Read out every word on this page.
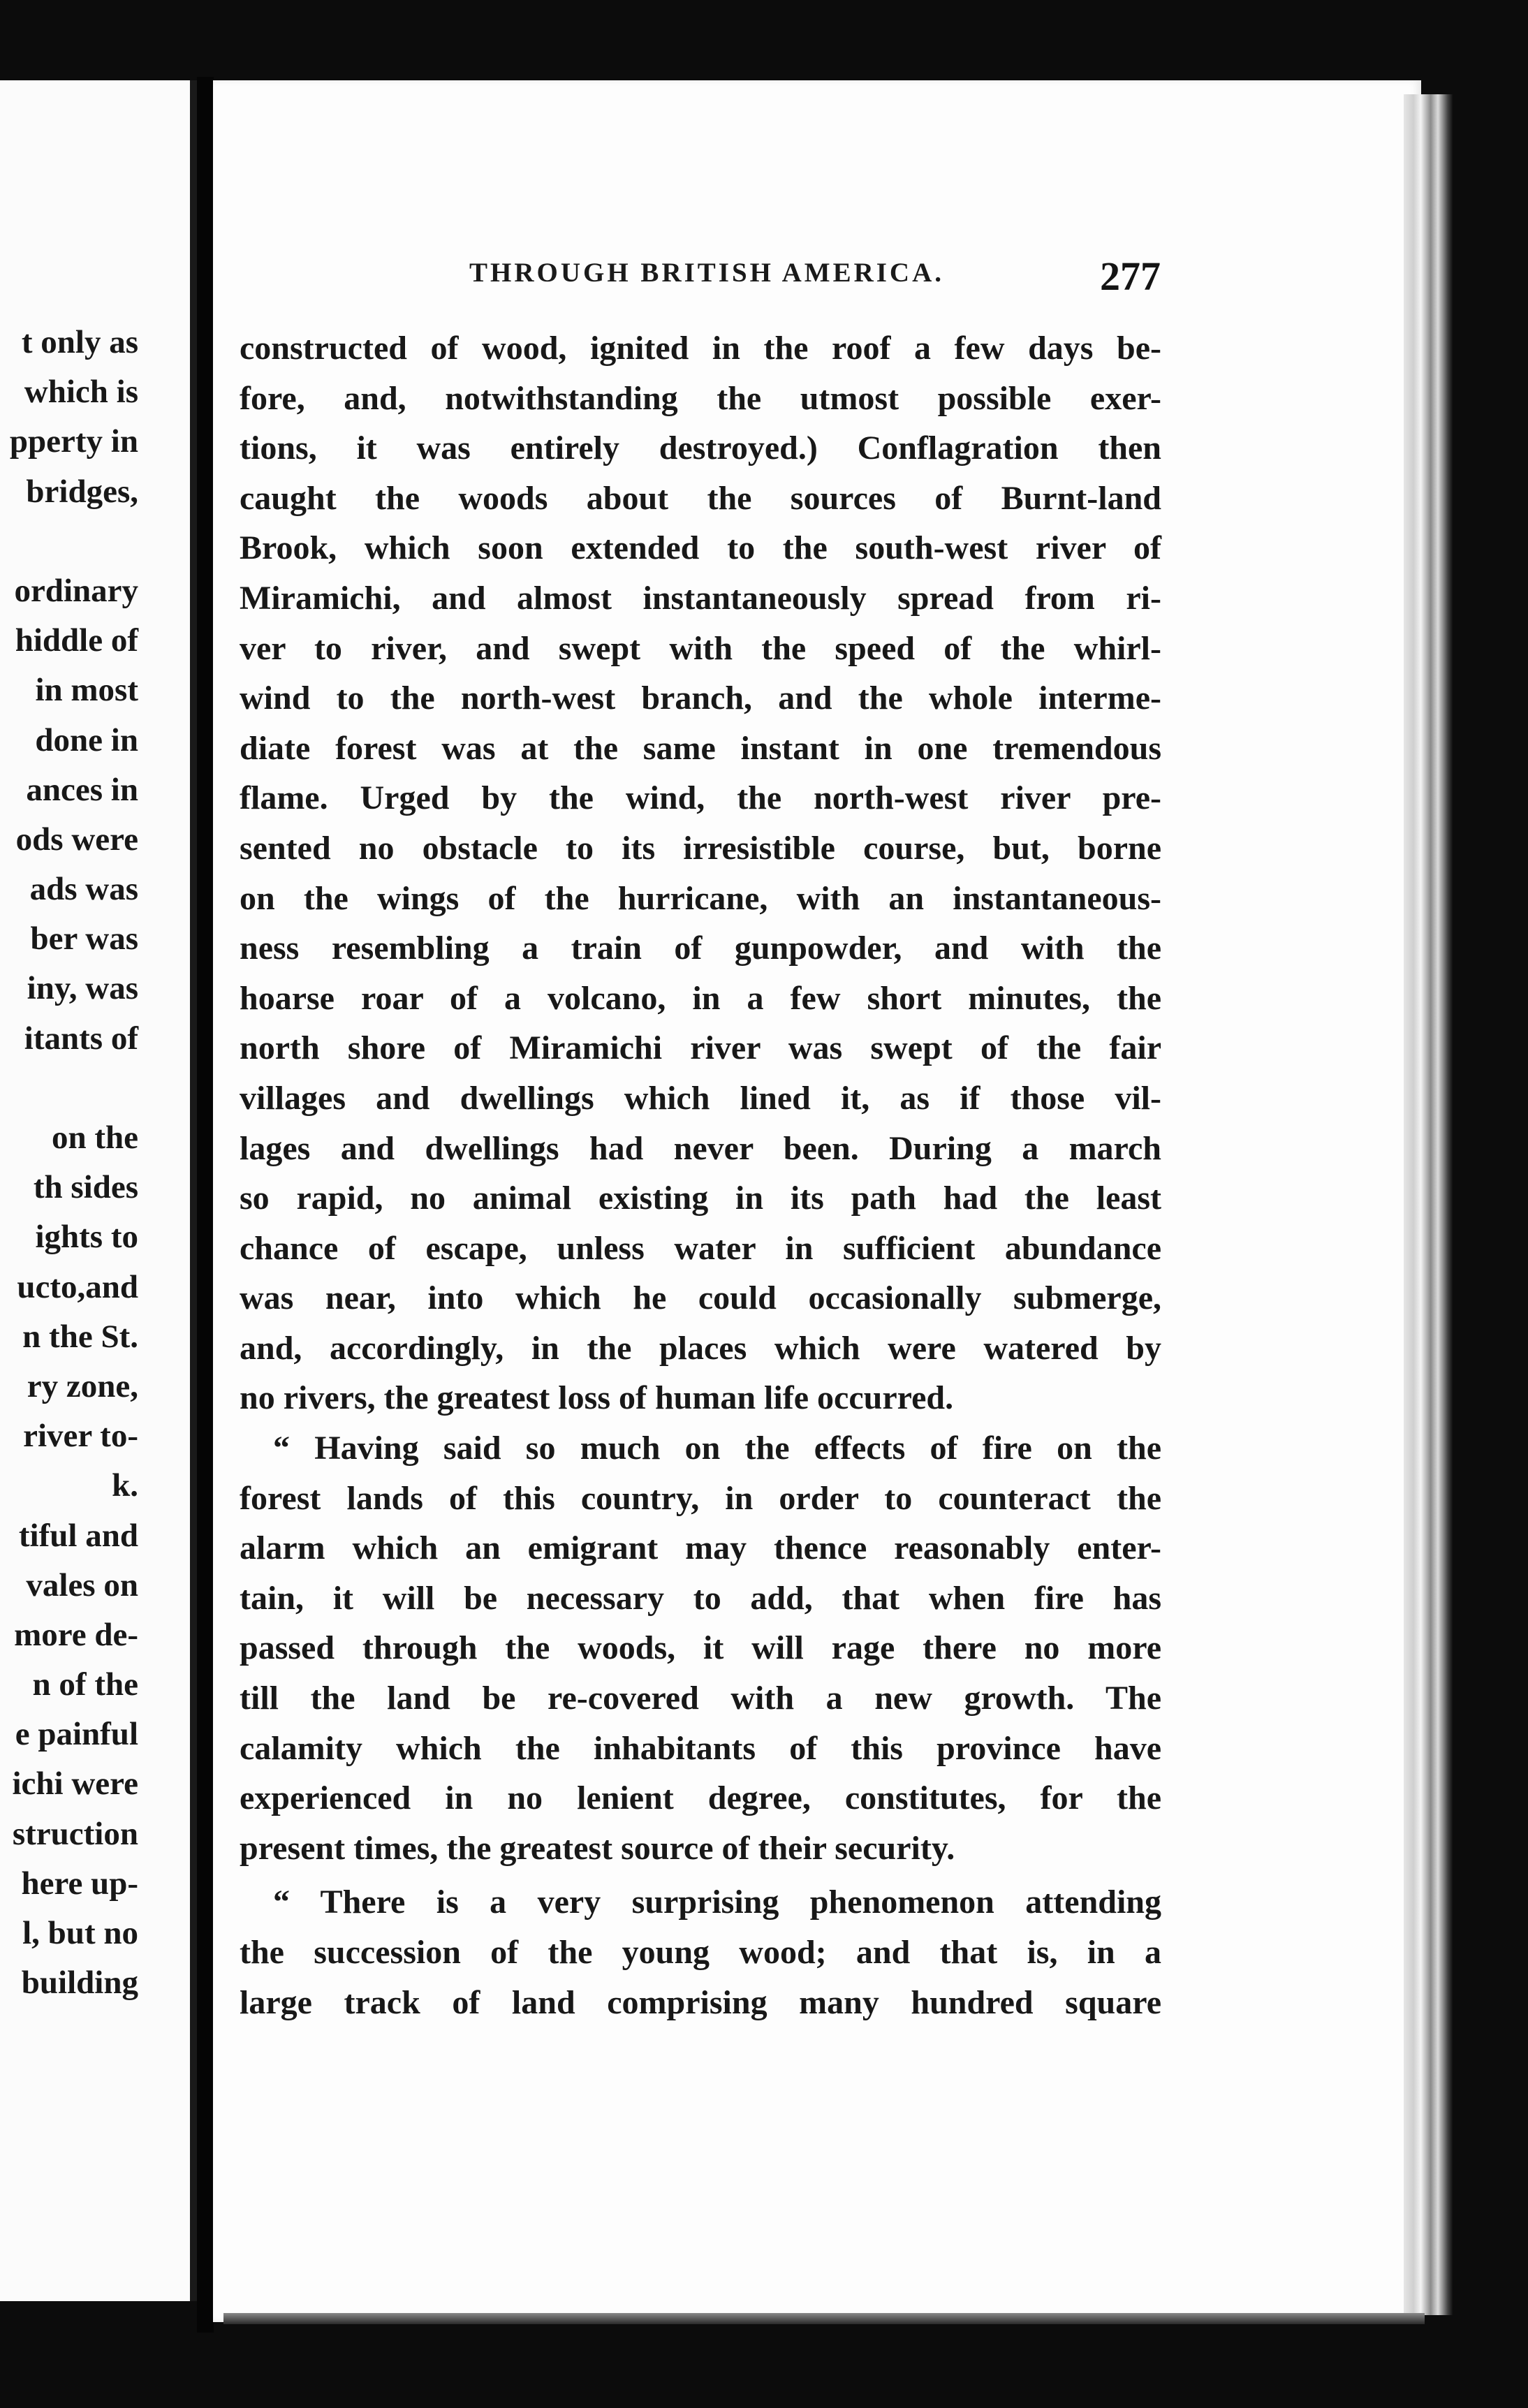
t only as
which is
pperty in
bridges,
ordinary
hiddle of
in most
done in
ances in
ods were
ads was
ber was
iny, was
itants of
on the
th sides
ights to
ucto,and
n the St.
ry zone,
river to-
k.
tiful and
vales on
more de-
n of the
e painful
ichi were
struction
here up-
l, but no
building
THROUGH BRITISH AMERICA.	277
constructed of wood, ignited in the roof a few days be-
fore, and, notwithstanding the utmost possible exer-
tions, it was entirely destroyed.) Conflagration then
caught the woods about the sources of Burnt-land
Brook, which soon extended to the south-west river of
Miramichi, and almost instantaneously spread from ri-
ver to river, and swept with the speed of the whirl-
wind to the north-west branch, and the whole interme-
diate forest was at the same instant in one tremendous
flame. Urged by the wind, the north-west river pre-
sented no obstacle to its irresistible course, but, borne
on the wings of the hurricane, with an instantaneous-
ness resembling a train of gunpowder, and with the
hoarse roar of a volcano, in a few short minutes, the
north shore of Miramichi river was swept of the fair
villages and dwellings which lined it, as if those vil-
lages and dwellings had never been. During a march
so rapid, no animal existing in its path had the least
chance of escape, unless water in sufficient abundance
was near, into which he could occasionally submerge,
and, accordingly, in the places which were watered by
no rivers, the greatest loss of human life occurred.
“ Having said so much on the effects of fire on the
forest lands of this country, in order to counteract the
alarm which an emigrant may thence reasonably enter-
tain, it will be necessary to add, that when fire has
passed through the woods, it will rage there no more
till the land be re-covered with a new growth. The
calamity which the inhabitants of this province have
experienced in no lenient degree, constitutes, for the
present times, the greatest source of their security.
“ There is a very surprising phenomenon attending
the succession of the young wood; and that is, in a
large track of land comprising many hundred square
